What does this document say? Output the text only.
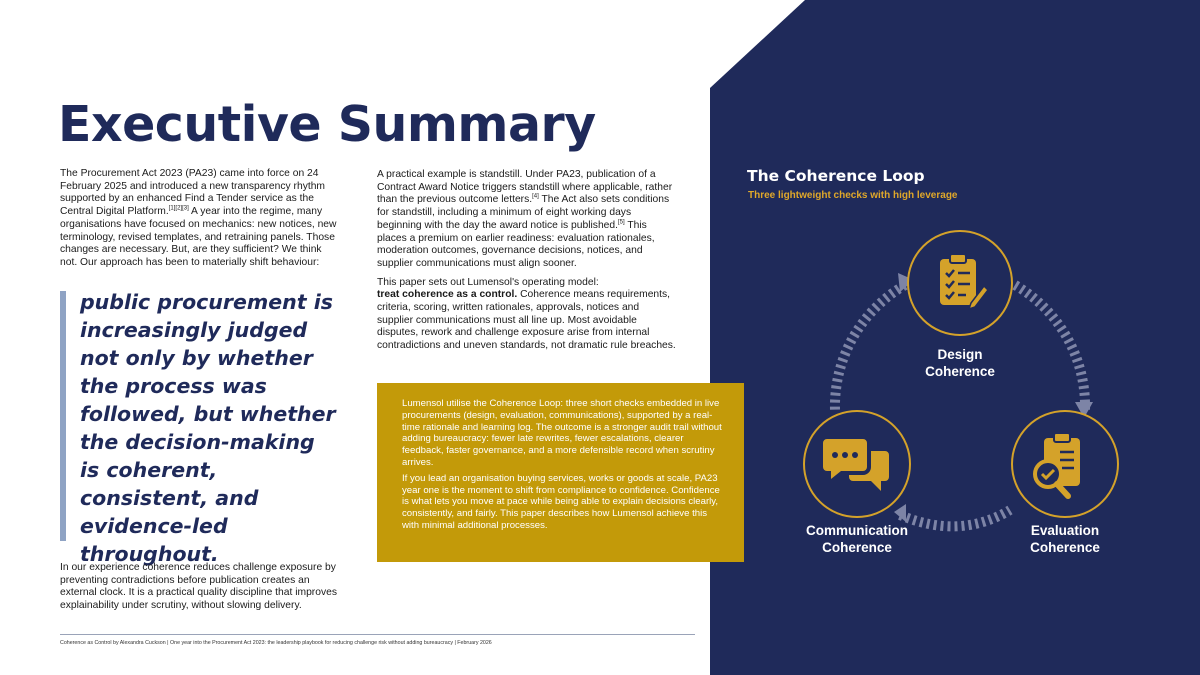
Executive Summary

The Procurement Act 2023 (PA23) came into force on 24 February 2025 and introduced a new transparency rhythm supported by an enhanced Find a Tender service as the Central Digital Platform.[1][2][3] A year into the regime, many organisations have focused on mechanics: new notices, new terminology, revised templates, and retraining panels. Those changes are necessary. But, are they sufficient? We think not. Our approach has been to materially shift behaviour:

public procurement is increasingly judged not only by whether the process was followed, but whether the decision-making is coherent, consistent, and evidence-led throughout.

In our experience coherence reduces challenge exposure by preventing contradictions before publication creates an external clock. It is a practical quality discipline that improves explainability under scrutiny, without slowing delivery.

A practical example is standstill. Under PA23, publication of a Contract Award Notice triggers standstill where applicable, rather than the previous outcome letters.[4] The Act also sets conditions for standstill, including a minimum of eight working days beginning with the day the award notice is published.[5] This places a premium on earlier readiness: evaluation rationales, moderation outcomes, governance decisions, notices, and supplier communications must align sooner.

This paper sets out Lumensol's operating model:
treat coherence as a control. Coherence means requirements, criteria, scoring, written rationales, approvals, notices and supplier communications must all line up. Most avoidable disputes, rework and challenge exposure arise from internal contradictions and uneven standards, not dramatic rule breaches.

Lumensol utilise the Coherence Loop: three short checks embedded in live procurements (design, evaluation, communications), supported by a real-time rationale and learning log. The outcome is a stronger audit trail without adding bureaucracy: fewer late rewrites, fewer escalations, clearer feedback, faster governance, and a more defensible record when scrutiny arrives.

If you lead an organisation buying services, works or goods at scale, PA23 year one is the moment to shift from compliance to confidence. Confidence is what lets you move at pace while being able to explain decisions clearly, consistently, and fairly. This paper describes how Lumensol achieve this with minimal additional processes.

The Coherence Loop
Three lightweight checks with high leverage
Design
Coherence
Communication
Coherence
Evaluation
Coherence
Coherence as Control by Alexandra Cuckson | One year into the Procurement Act 2023: the leadership playbook for reducing challenge risk without adding bureaucracy | February 2026
